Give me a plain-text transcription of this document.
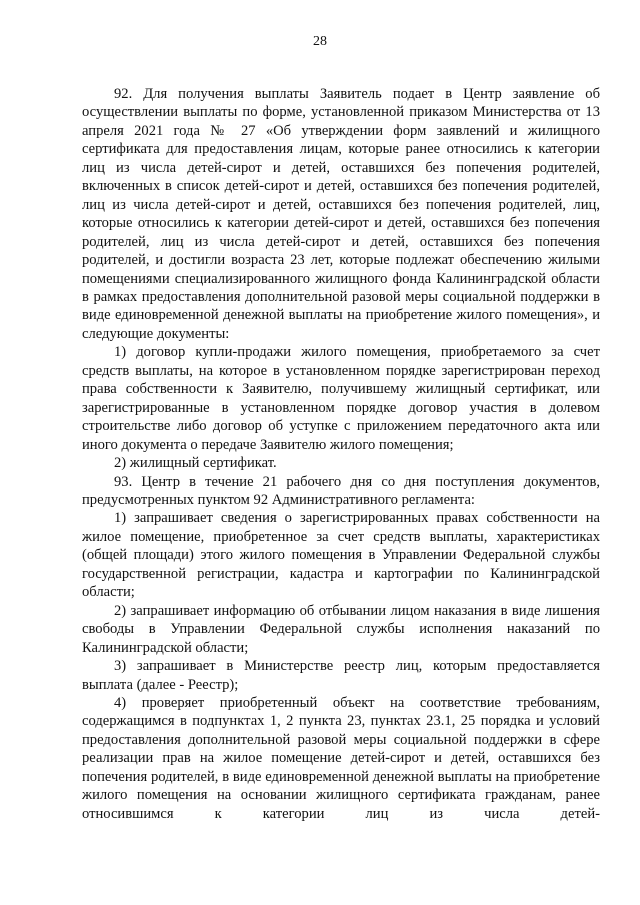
28

92. Для получения выплаты Заявитель подает в Центр заявление об осуществлении выплаты по форме, установленной приказом Министерства от 13 апреля 2021 года № 27 «Об утверждении форм заявлений и жилищного сертификата для предоставления лицам, которые ранее относились к категории лиц из числа детей-сирот и детей, оставшихся без попечения родителей, включенных в список детей-сирот и детей, оставшихся без попечения родителей, лиц из числа детей-сирот и детей, оставшихся без попечения родителей, лиц, которые относились к категории детей-сирот и детей, оставшихся без попечения родителей, лиц из числа детей-сирот и детей, оставшихся без попечения родителей, и достигли возраста 23 лет, которые подлежат обеспечению жилыми помещениями специализированного жилищного фонда Калининградской области в рамках предоставления дополнительной разовой меры социальной поддержки в виде единовременной денежной выплаты на приобретение жилого помещения», и следующие документы:

1) договор купли-продажи жилого помещения, приобретаемого за счет средств выплаты, на которое в установленном порядке зарегистрирован переход права собственности к Заявителю, получившему жилищный сертификат, или зарегистрированные в установленном порядке договор участия в долевом строительстве либо договор об уступке с приложением передаточного акта или иного документа о передаче Заявителю жилого помещения;

2) жилищный сертификат.

93. Центр в течение 21 рабочего дня со дня поступления документов, предусмотренных пунктом 92 Административного регламента:

1) запрашивает сведения о зарегистрированных правах собственности на жилое помещение, приобретенное за счет средств выплаты, характеристиках (общей площади) этого жилого помещения в Управлении Федеральной службы государственной регистрации, кадастра и картографии по Калининградской области;

2) запрашивает информацию об отбывании лицом наказания в виде лишения свободы в Управлении Федеральной службы исполнения наказаний по Калининградской области;

3) запрашивает в Министерстве реестр лиц, которым предоставляется выплата (далее - Реестр);

4) проверяет приобретенный объект на соответствие требованиям, содержащимся в подпунктах 1, 2 пункта 23, пунктах 23.1, 25 порядка и условий предоставления дополнительной разовой меры социальной поддержки в сфере реализации прав на жилое помещение детей-сирот и детей, оставшихся без попечения родителей, в виде единовременной денежной выплаты на приобретение жилого помещения на основании жилищного сертификата гражданам, ранее относившимся к категории лиц из числа детей-
